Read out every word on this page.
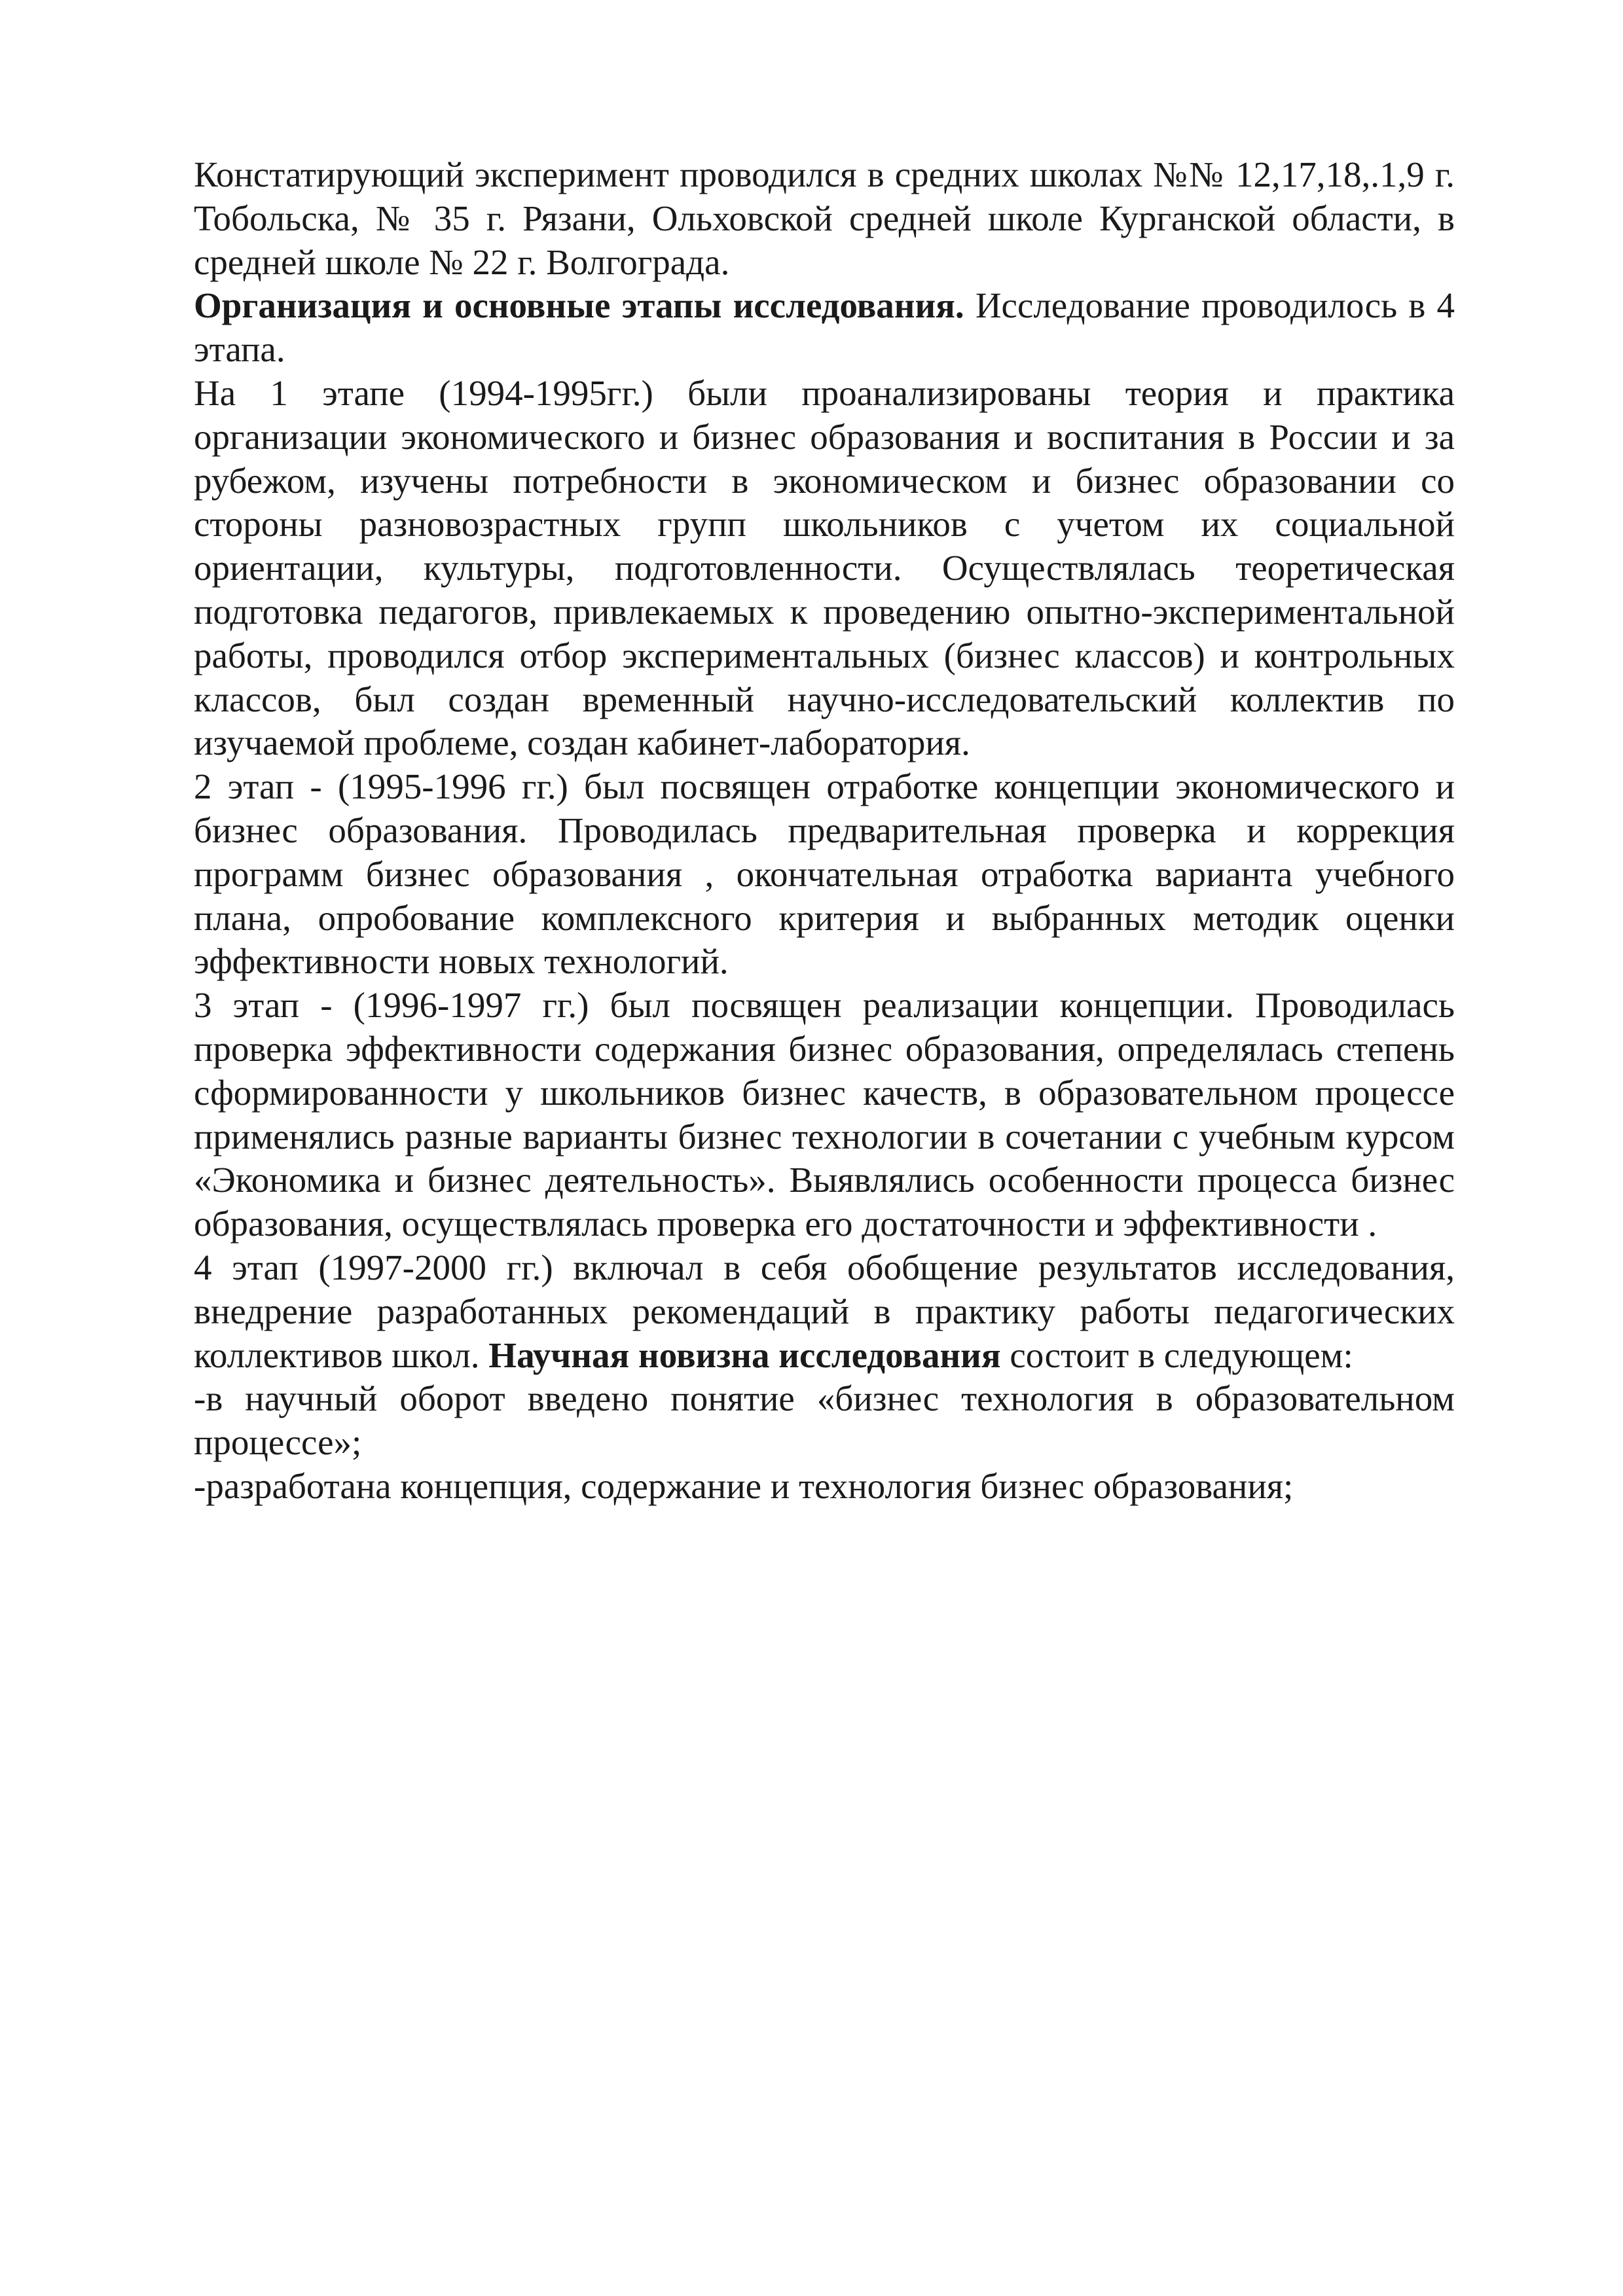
Констатирующий эксперимент проводился в средних школах №№ 12,17,18,.1,9 г. Тобольска, № 35 г. Рязани, Ольховской средней школе Курганской области, в средней школе № 22 г. Волгограда.

Организация и основные этапы исследования. Исследование проводилось в 4 этапа.

На 1 этапе (1994-1995гг.) были проанализированы теория и практика организации экономического и бизнес образования и воспитания в России и за рубежом, изучены потребности в экономическом и бизнес образовании со стороны разновозрастных групп школьников с учетом их социальной ориентации, культуры, подготовленности. Осуществлялась теоретическая подготовка педагогов, привлекаемых к проведению опытно-экспериментальной работы, проводился отбор экспериментальных (бизнес классов) и контрольных классов, был создан временный научно-исследовательский коллектив по изучаемой проблеме, создан кабинет-лаборатория.

2 этап - (1995-1996 гг.) был посвящен отработке концепции экономического и бизнес образования. Проводилась предварительная проверка и коррекция программ бизнес образования , окончательная отработка варианта учебного плана, опробование комплексного критерия и выбранных методик оценки эффективности новых технологий.

3 этап - (1996-1997 гг.) был посвящен реализации концепции. Проводилась проверка эффективности содержания бизнес образования, определялась степень сформированности у школьников бизнес качеств, в образовательном процессе применялись разные варианты бизнес технологии в сочетании с учебным курсом «Экономика и бизнес деятельность». Выявлялись особенности процесса бизнес образования, осуществлялась проверка его достаточности и эффективности .

4 этап (1997-2000 гг.) включал в себя обобщение результатов исследования, внедрение разработанных рекомендаций в практику работы педагогических коллективов школ. Научная новизна исследования состоит в следующем:

-в научный оборот введено понятие «бизнес технология в образовательном процессе»;

-разработана концепция, содержание и технология бизнес образования;
